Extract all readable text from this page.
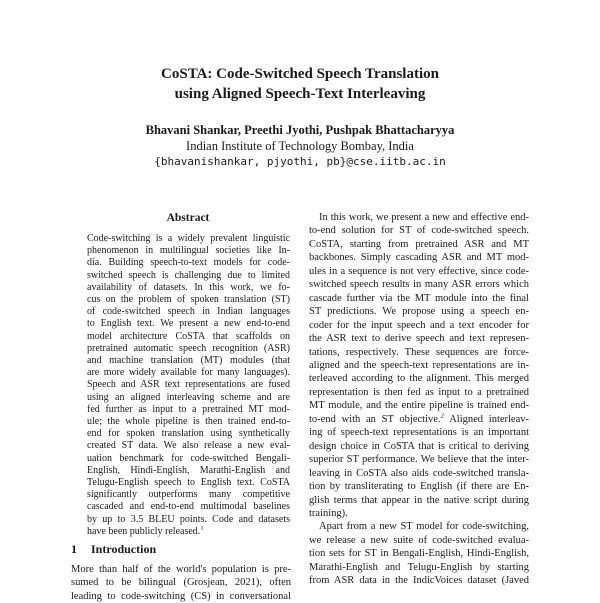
CoSTA: Code-Switched Speech Translation
using Aligned Speech-Text Interleaving
Bhavani Shankar, Preethi Jyothi, Pushpak Bhattacharyya
Indian Institute of Technology Bombay, India
{bhavanishankar, pjyothi, pb}@cse.iitb.ac.in
Abstract
Code-switching is a widely prevalent linguistic
phenomenon in multilingual societies like In-
dia. Building speech-to-text models for code-
switched speech is challenging due to limited
availability of datasets. In this work, we fo-
cus on the problem of spoken translation (ST)
of code-switched speech in Indian languages
to English text. We present a new end-to-end
model architecture CoSTA that scaffolds on
pretrained automatic speech recognition (ASR)
and machine translation (MT) modules (that
are more widely available for many languages).
Speech and ASR text representations are fused
using an aligned interleaving scheme and are
fed further as input to a pretrained MT mod-
ule; the whole pipeline is then trained end-to-
end for spoken translation using synthetically
created ST data. We also release a new eval-
uation benchmark for code-switched Bengali-
English, Hindi-English, Marathi-English and
Telugu-English speech to English text. CoSTA
significantly outperforms many competitive
cascaded and end-to-end multimodal baselines
by up to 3.5 BLEU points. Code and datasets
have been publicly released.$^1$
In this work, we present a new and effective end-
to-end solution for ST of code-switched speech.
CoSTA, starting from pretrained ASR and MT
backbones. Simply cascading ASR and MT mod-
ules in a sequence is not very effective, since code-
switched speech results in many ASR errors which
cascade further via the MT module into the final
ST predictions. We propose using a speech en-
coder for the input speech and a text encoder for
the ASR text to derive speech and text represen-
tations, respectively. These sequences are force-
aligned and the speech-text representations are in-
terleaved according to the alignment. This merged
representation is then fed as input to a pretrained
MT module, and the entire pipeline is trained end-
to-end with an ST objective.$^2$ Aligned interleav-
ing of speech-text representations is an important
design choice in CoSTA that is critical to deriving
superior ST performance. We believe that the inter-
leaving in CoSTA also aids code-switched transla-
tion by transliterating to English (if there are En-
glish terms that appear in the native script during
training).
Apart from a new ST model for code-switching,
we release a new suite of code-switched evalua-
tion sets for ST in Bengali-English, Hindi-English,
Marathi-English and Telugu-English by starting
from ASR data in the IndicVoices dataset (Javed
1 Introduction
More than half of the world's population is pre-
sumed to be bilingual (Grosjean, 2021), often
leading to code-switching (CS) in conversational
